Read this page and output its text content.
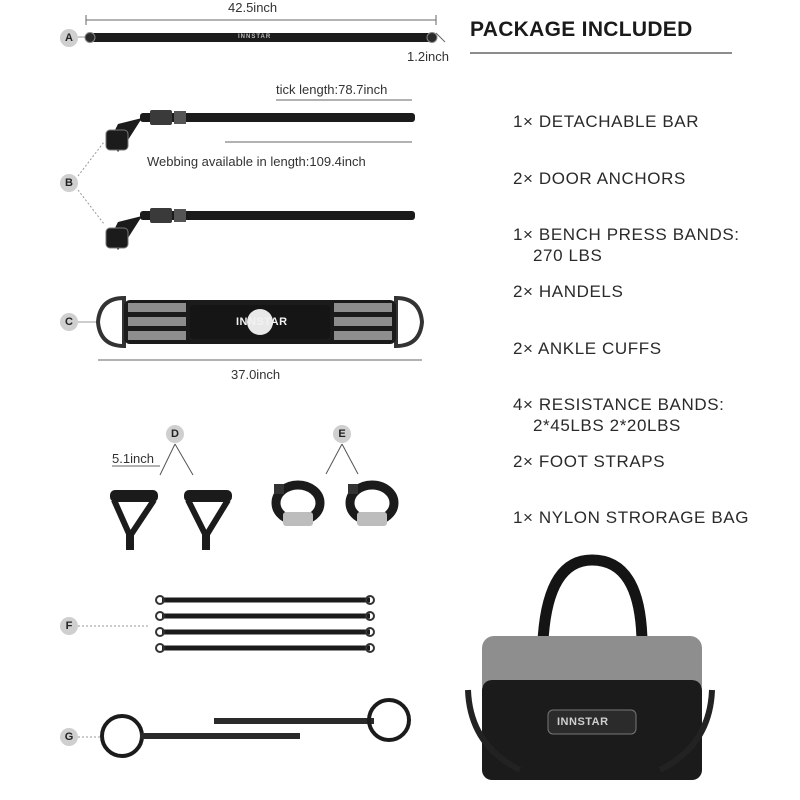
PACKAGE INCLUDED
1× DETACHABLE BAR
2× DOOR ANCHORS
1× BENCH PRESS BANDS:
270 LBS
2× HANDELS
2× ANKLE CUFFS
4× RESISTANCE BANDS:
2*45LBS 2*20LBS
2× FOOT STRAPS
1× NYLON STRORAGE BAG
A
B
C
D	E
F
G
42.5inch
1.2inch
tick length:78.7inch
Webbing available in length:109.4inch
37.0inch
5.1inch
INNSTAR
INNSTAR
INNSTAR
